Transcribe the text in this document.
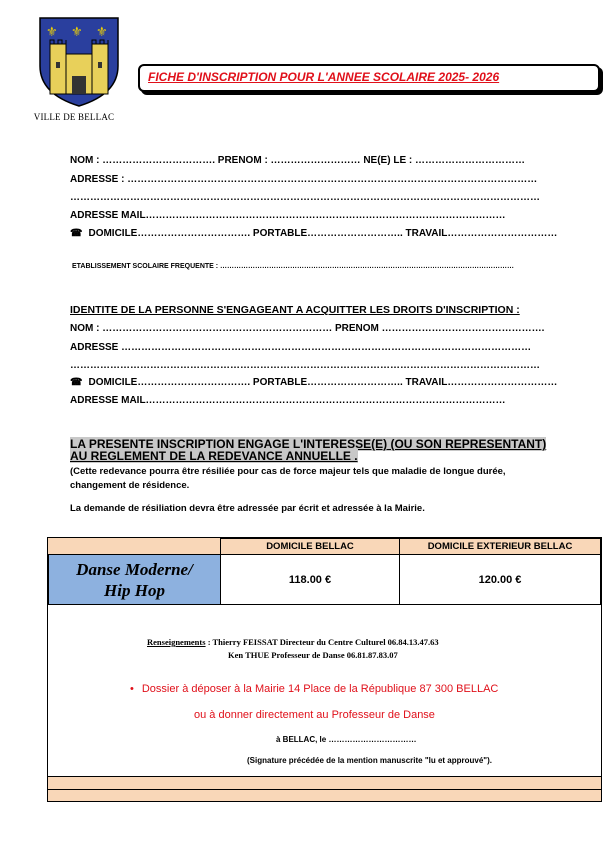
⚜ ⚜ ⚜
VILLE DE BELLAC
FICHE D'INSCRIPTION POUR L'ANNEE SCOLAIRE 2025- 2026
NOM : ……………………………. PRENOM : ……………………… NE(E) LE : ……………………………
ADRESSE : ……………………………………………………………………………………………………………
……………………………………………………………………………………………………………………………
ADRESSE MAIL………………………………………………………………………………………………
☎ DOMICILE……………………………. PORTABLE……………………….. TRAVAIL……………………………
ETABLISSEMENT SCOLAIRE FREQUENTE : ………………………………………………………………………………………………………………
IDENTITE DE LA PERSONNE S'ENGAGEANT A ACQUITTER LES DROITS D'INSCRIPTION :
NOM : …………………………………………………………… PRENOM ………………………………………….
ADRESSE ……………………………………………………………………………………………………………
……………………………………………………………………………………………………………………………
☎ DOMICILE……………………………. PORTABLE……………………….. TRAVAIL……………………………
ADRESSE MAIL………………………………………………………………………………………………
LA PRESENTE INSCRIPTION ENGAGE L'INTERESSE(E) (OU SON REPRESENTANT) AU REGLEMENT DE LA REDEVANCE ANNUELLE .
(Cette redevance pourra être résiliée pour cas de force majeur tels que maladie de longue durée, changement de résidence.
La demande de résiliation devra être adressée par écrit et adressée à la Mairie.
DOMICILE BELLAC	DOMICILE EXTERIEUR BELLAC
Danse Moderne/
Hip Hop
118.00 €	120.00 €
Renseignements : Thierry FEISSAT Directeur du Centre Culturel 06.84.13.47.63
Ken THUE Professeur de Danse 06.81.87.83.07
• Dossier à déposer à la Mairie 14 Place de la République 87 300 BELLAC
ou à donner directement au Professeur de Danse
à BELLAC, le ……………………………
(Signature précédée de la mention manuscrite "lu et approuvé").
